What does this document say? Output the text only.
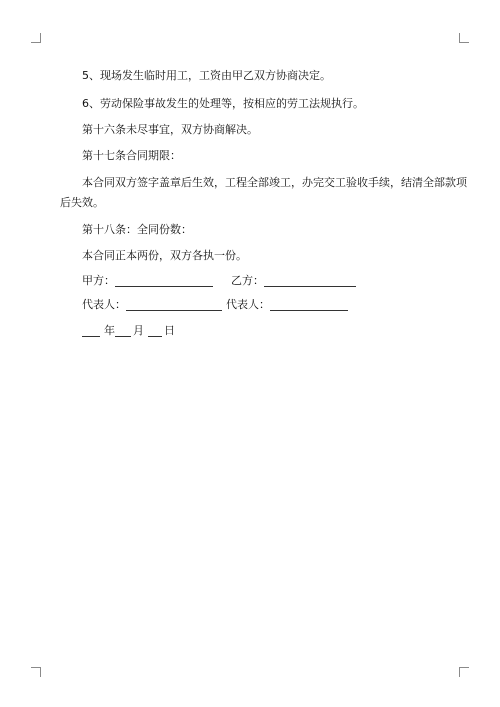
5、现场发生临时用工，工资由甲乙双方协商决定。
6、劳动保险事故发生的处理等，按相应的劳工法规执行。
第十六条未尽事宜，双方协商解决。
第十七条合同期限：
本合同双方签字盖章后生效，工程全部竣工，办完交工验收手续，结清全部款项
后失效。
第十八条：全同份数：
本合同正本两份，双方各执一份。
甲方：	乙方：
代表人：	代表人：
年 月 日
